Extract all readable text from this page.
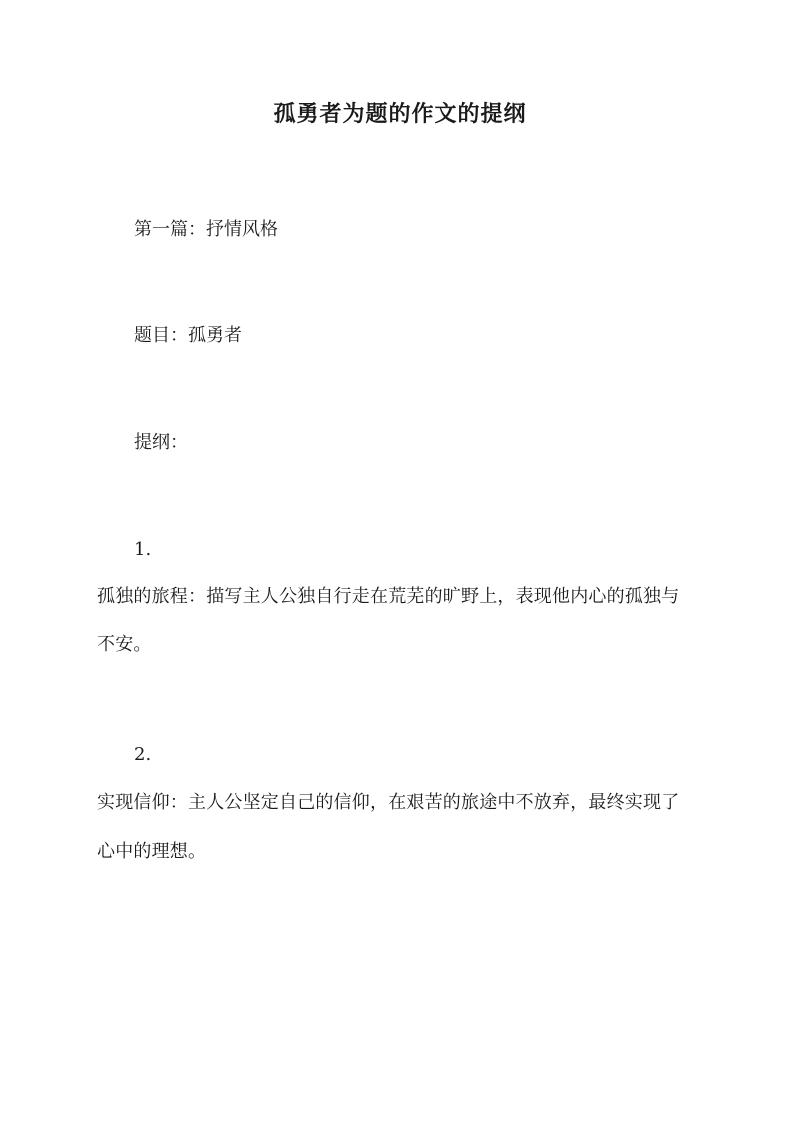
孤勇者为题的作文的提纲
第一篇：抒情风格
题目：孤勇者
提纲：
1.
孤独的旅程：描写主人公独自行走在荒芜的旷野上，表现他内心的孤独与
不安。
2.
实现信仰：主人公坚定自己的信仰，在艰苦的旅途中不放弃，最终实现了
心中的理想。
